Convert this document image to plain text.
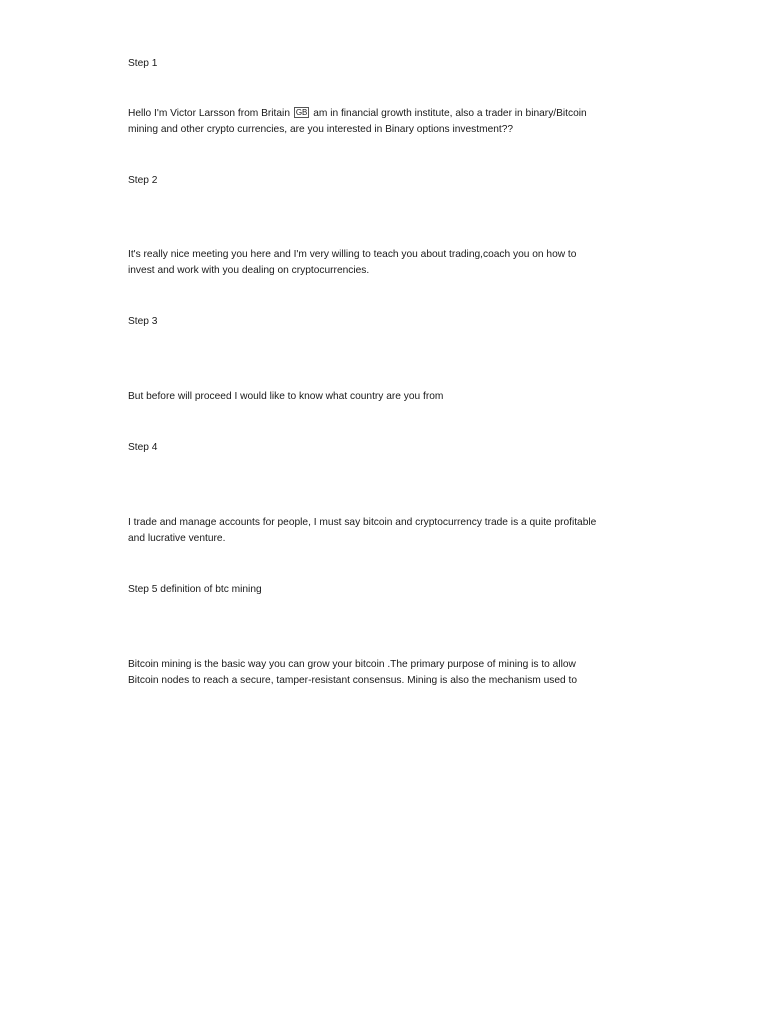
Step 1
Hello I'm Victor Larsson from Britain GB am in financial growth institute, also a trader in binary/Bitcoin
mining and other crypto currencies, are you interested in Binary options investment??
Step 2
It's really nice meeting you here and I'm very willing to teach you about trading,coach you on how to
invest and work with you dealing on cryptocurrencies.
Step 3
But before will proceed I would like to know what country are you from
Step 4
I trade and manage accounts for people, I must say bitcoin and cryptocurrency trade is a quite profitable
and lucrative venture.
Step 5 definition of btc mining
Bitcoin mining is the basic way you can grow your bitcoin .The primary purpose of mining is to allow
Bitcoin nodes to reach a secure, tamper-resistant consensus. Mining is also the mechanism used to
